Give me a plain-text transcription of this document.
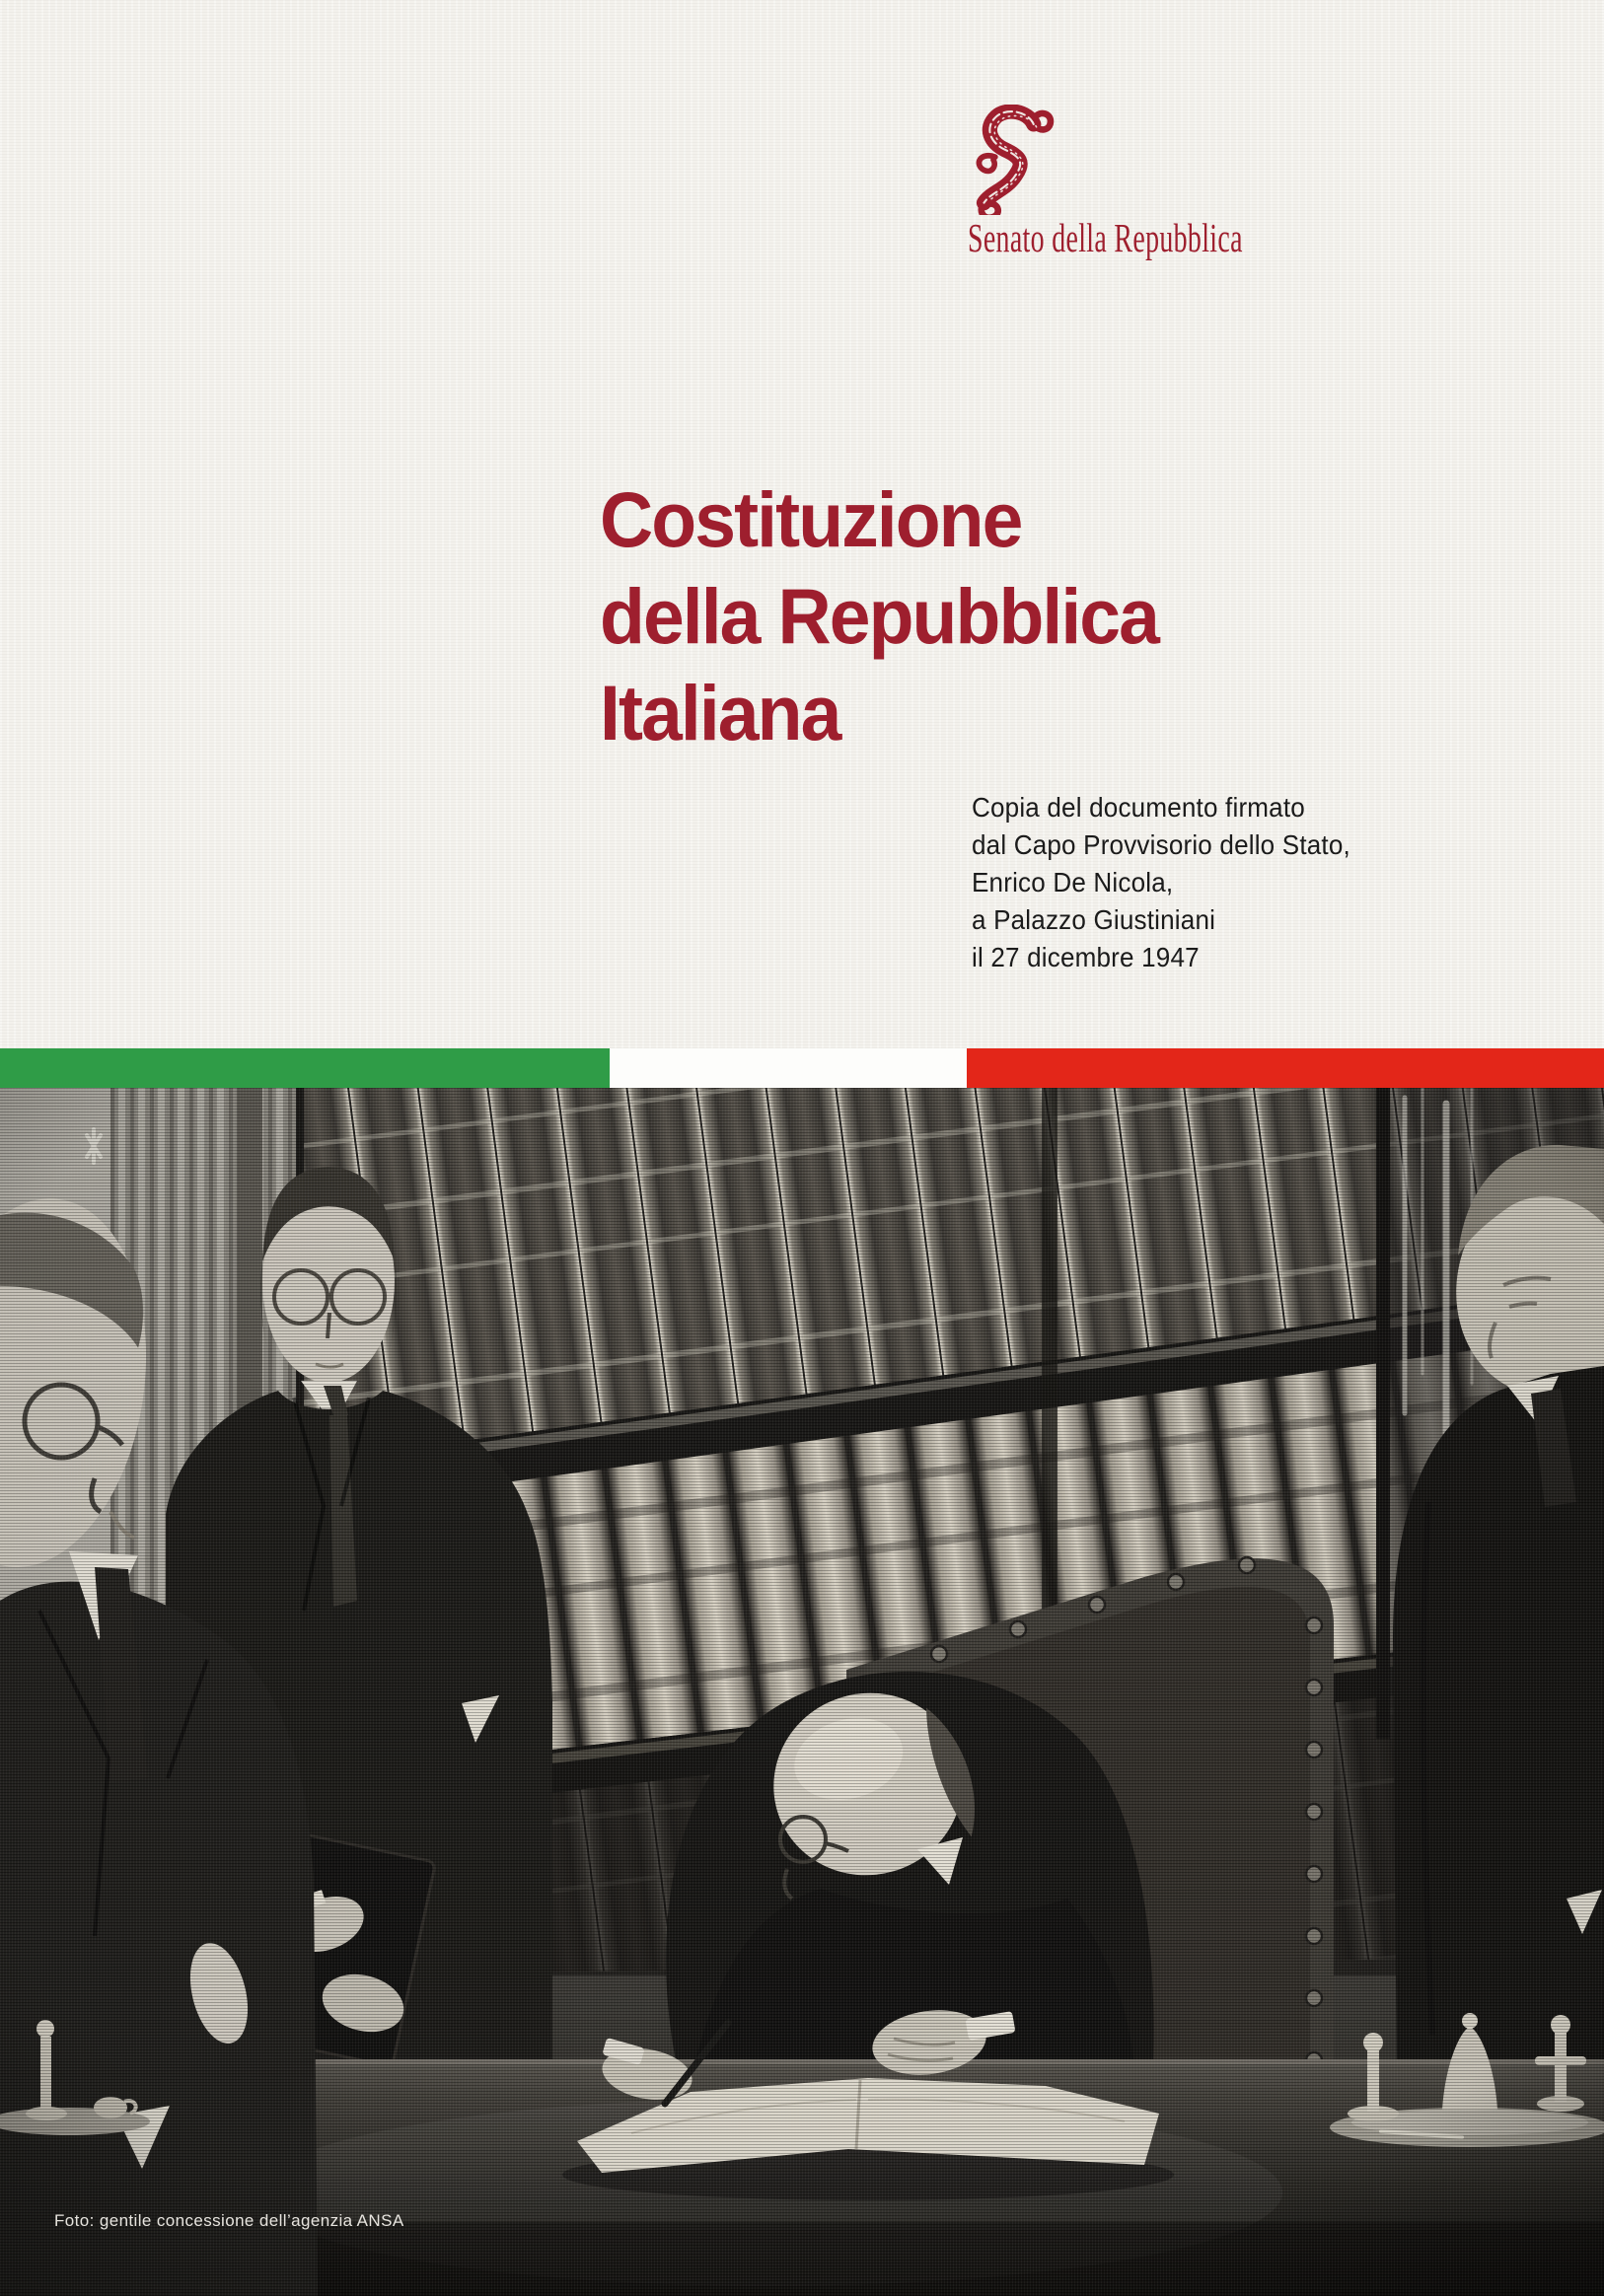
Senato della Repubblica
Costituzione
della Repubblica
Italiana
Copia del documento firmato
dal Capo Provvisorio dello Stato,
Enrico De Nicola,
a Palazzo Giustiniani
il 27 dicembre 1947
Foto: gentile concessione dell’agenzia ANSA
